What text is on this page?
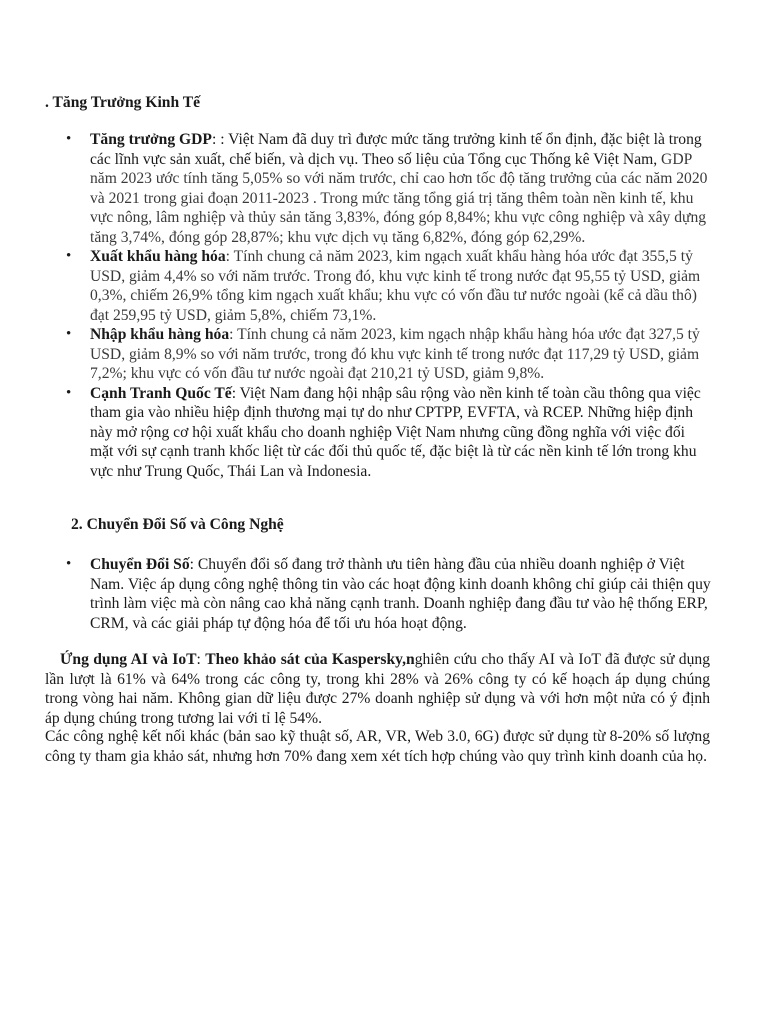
. Tăng Trưởng Kinh Tế

• Tăng trưởng GDP: : Việt Nam đã duy trì được mức tăng trưởng kinh tế ổn định, đặc biệt là trong các lĩnh vực sản xuất, chế biến, và dịch vụ. Theo số liệu của Tổng cục Thống kê Việt Nam, GDP năm 2023 ước tính tăng 5,05% so với năm trước, chỉ cao hơn tốc độ tăng trưởng của các năm 2020 và 2021 trong giai đoạn 2011-2023 . Trong mức tăng tổng giá trị tăng thêm toàn nền kinh tế, khu vực nông, lâm nghiệp và thủy sản tăng 3,83%, đóng góp 8,84%; khu vực công nghiệp và xây dựng tăng 3,74%, đóng góp 28,87%; khu vực dịch vụ tăng 6,82%, đóng góp 62,29%.
• Xuất khẩu hàng hóa: Tính chung cả năm 2023, kim ngạch xuất khẩu hàng hóa ước đạt 355,5 tỷ USD, giảm 4,4% so với năm trước. Trong đó, khu vực kinh tế trong nước đạt 95,55 tỷ USD, giảm 0,3%, chiếm 26,9% tổng kim ngạch xuất khẩu; khu vực có vốn đầu tư nước ngoài (kể cả dầu thô) đạt 259,95 tỷ USD, giảm 5,8%, chiếm 73,1%.
• Nhập khẩu hàng hóa: Tính chung cả năm 2023, kim ngạch nhập khẩu hàng hóa ước đạt 327,5 tỷ USD, giảm 8,9% so với năm trước, trong đó khu vực kinh tế trong nước đạt 117,29 tỷ USD, giảm 7,2%; khu vực có vốn đầu tư nước ngoài đạt 210,21 tỷ USD, giảm 9,8%.
• Cạnh Tranh Quốc Tế: Việt Nam đang hội nhập sâu rộng vào nền kinh tế toàn cầu thông qua việc tham gia vào nhiều hiệp định thương mại tự do như CPTPP, EVFTA, và RCEP. Những hiệp định này mở rộng cơ hội xuất khẩu cho doanh nghiệp Việt Nam nhưng cũng đồng nghĩa với việc đối mặt với sự cạnh tranh khốc liệt từ các đối thủ quốc tế, đặc biệt là từ các nền kinh tế lớn trong khu vực như Trung Quốc, Thái Lan và Indonesia.

2. Chuyển Đổi Số và Công Nghệ

• Chuyển Đổi Số: Chuyển đổi số đang trở thành ưu tiên hàng đầu của nhiều doanh nghiệp ở Việt Nam. Việc áp dụng công nghệ thông tin vào các hoạt động kinh doanh không chỉ giúp cải thiện quy trình làm việc mà còn nâng cao khả năng cạnh tranh. Doanh nghiệp đang đầu tư vào hệ thống ERP, CRM, và các giải pháp tự động hóa để tối ưu hóa hoạt động.

Ứng dụng AI và IoT: Theo khảo sát của Kaspersky,nghiên cứu cho thấy AI và IoT đã được sử dụng lần lượt là 61% và 64% trong các công ty, trong khi 28% và 26% công ty có kế hoạch áp dụng chúng trong vòng hai năm. Không gian dữ liệu được 27% doanh nghiệp sử dụng và với hơn một nửa có ý định áp dụng chúng trong tương lai với tỉ lệ 54%.

Các công nghệ kết nối khác (bản sao kỹ thuật số, AR, VR, Web 3.0, 6G) được sử dụng từ 8-20% số lượng công ty tham gia khảo sát, nhưng hơn 70% đang xem xét tích hợp chúng vào quy trình kinh doanh của họ.
